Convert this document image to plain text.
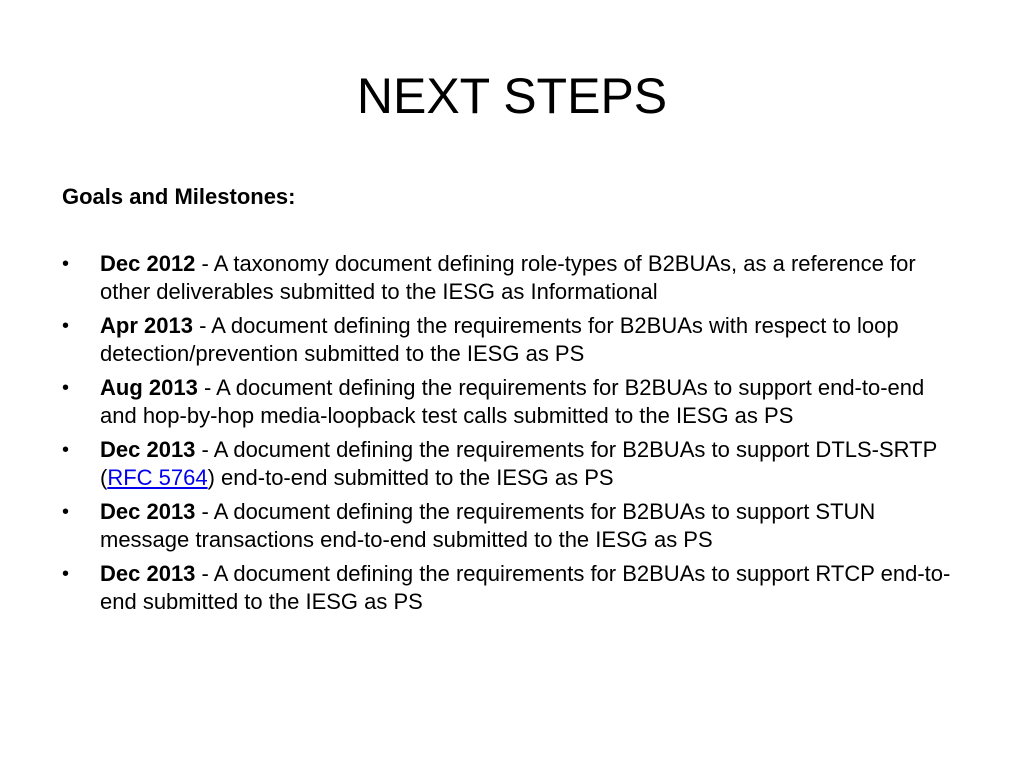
NEXT STEPS

Goals and Milestones:

•	Dec 2012 - A taxonomy document defining role-types of B2BUAs, as a reference for other deliverables submitted to the IESG as Informational
•	Apr 2013 - A document defining the requirements for B2BUAs with respect to loop detection/prevention submitted to the IESG as PS
•	Aug 2013 - A document defining the requirements for B2BUAs to support end-to-end and hop-by-hop media-loopback test calls submitted to the IESG as PS
•	Dec 2013 - A document defining the requirements for B2BUAs to support DTLS-SRTP (RFC 5764) end-to-end submitted to the IESG as PS
•	Dec 2013 - A document defining the requirements for B2BUAs to support STUN message transactions end-to-end submitted to the IESG as PS
•	Dec 2013 - A document defining the requirements for B2BUAs to support RTCP end-to-end submitted to the IESG as PS
